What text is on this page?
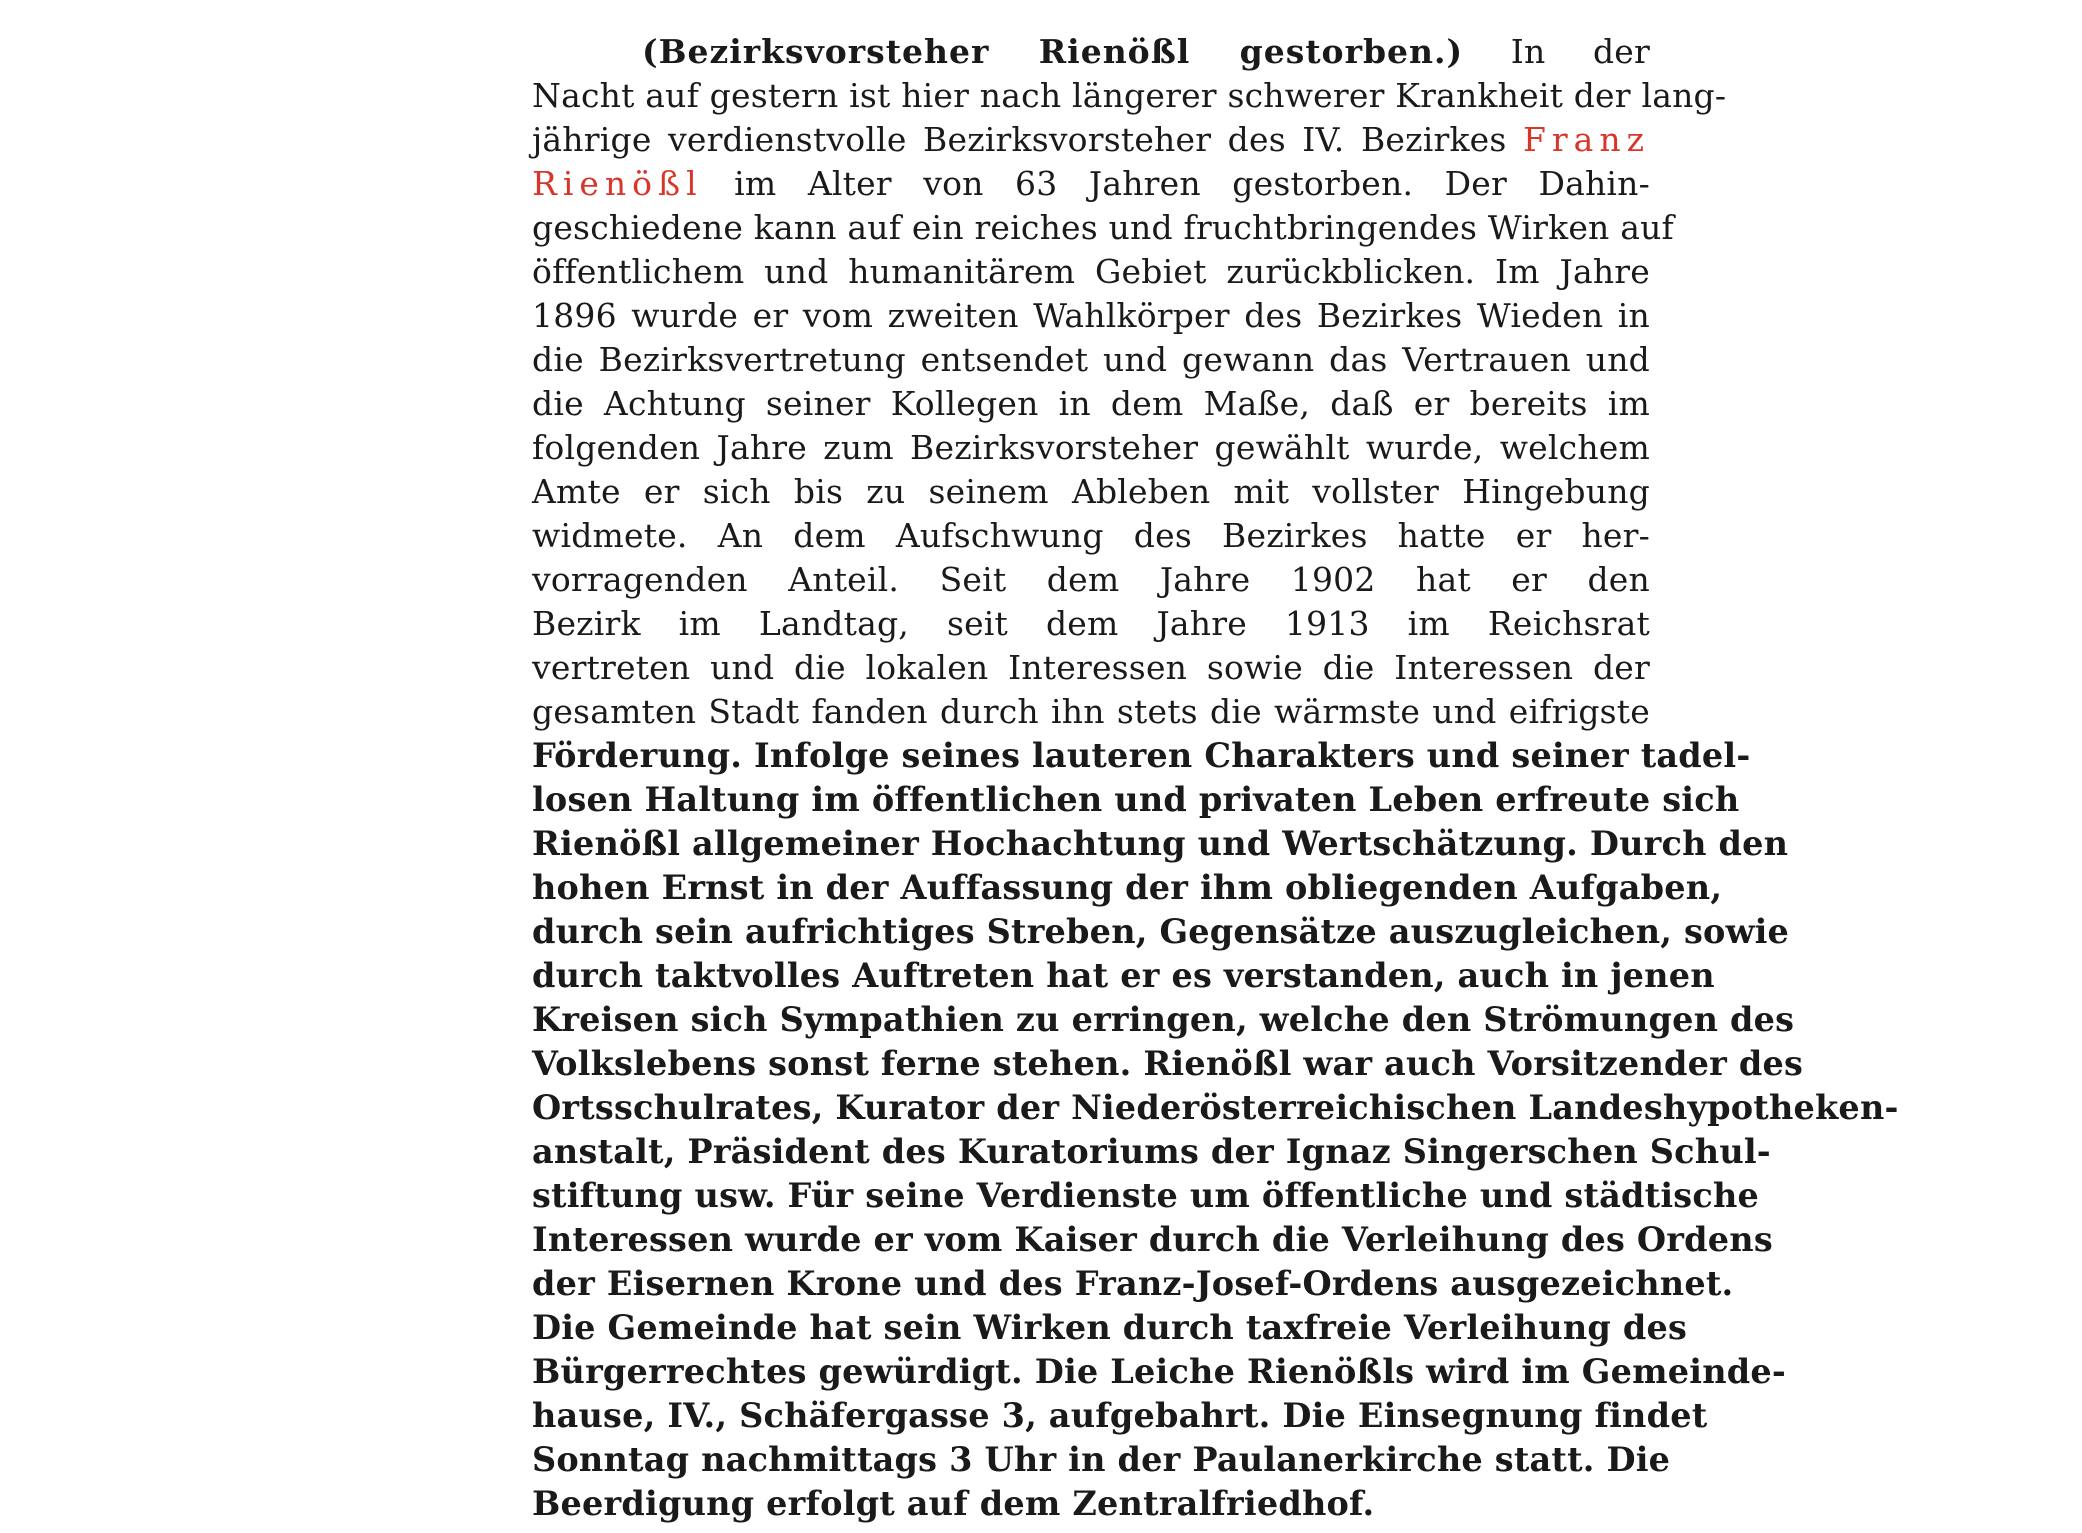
(Bezirksvorsteher Rienößl gestorben.) In der
Nacht auf gestern ist hier nach längerer schwerer Krankheit der lang-
jährige verdienstvolle Bezirksvorsteher des IV. Bezirkes Franz
Rienößl im Alter von 63 Jahren gestorben. Der Dahin-
geschiedene kann auf ein reiches und fruchtbringendes Wirken auf
öffentlichem und humanitärem Gebiet zurückblicken. Im Jahre
1896 wurde er vom zweiten Wahlkörper des Bezirkes Wieden in
die Bezirksvertretung entsendet und gewann das Vertrauen und
die Achtung seiner Kollegen in dem Maße, daß er bereits im
folgenden Jahre zum Bezirksvorsteher gewählt wurde, welchem
Amte er sich bis zu seinem Ableben mit vollster Hingebung
widmete. An dem Aufschwung des Bezirkes hatte er her-
vorragenden Anteil. Seit dem Jahre 1902 hat er den
Bezirk im Landtag, seit dem Jahre 1913 im Reichsrat
vertreten und die lokalen Interessen sowie die Interessen der
gesamten Stadt fanden durch ihn stets die wärmste und eifrigste
Förderung. Infolge seines lauteren Charakters und seiner tadel-
losen Haltung im öffentlichen und privaten Leben erfreute sich
Rienößl allgemeiner Hochachtung und Wertschätzung. Durch den
hohen Ernst in der Auffassung der ihm obliegenden Aufgaben,
durch sein aufrichtiges Streben, Gegensätze auszugleichen, sowie
durch taktvolles Auftreten hat er es verstanden, auch in jenen
Kreisen sich Sympathien zu erringen, welche den Strömungen des
Volkslebens sonst ferne stehen. Rienößl war auch Vorsitzender des
Ortsschulrates, Kurator der Niederösterreichischen Landeshypotheken-
anstalt, Präsident des Kuratoriums der Ignaz Singerschen Schul-
stiftung usw. Für seine Verdienste um öffentliche und städtische
Interessen wurde er vom Kaiser durch die Verleihung des Ordens
der Eisernen Krone und des Franz-Josef-Ordens ausgezeichnet.
Die Gemeinde hat sein Wirken durch taxfreie Verleihung des
Bürgerrechtes gewürdigt. Die Leiche Rienößls wird im Gemeinde-
hause, IV., Schäfergasse 3, aufgebahrt. Die Einsegnung findet
Sonntag nachmittags 3 Uhr in der Paulanerkirche statt. Die
Beerdigung erfolgt auf dem Zentralfriedhof.
